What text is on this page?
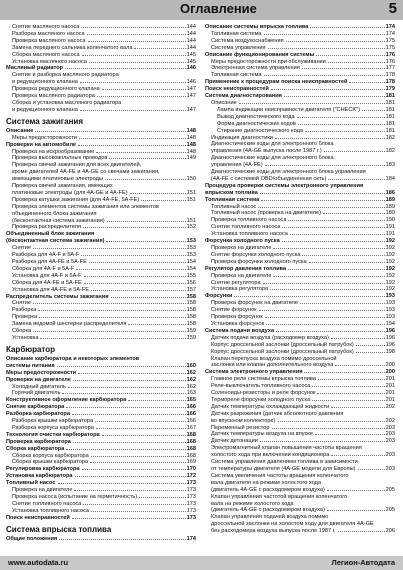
Оглавление	5
Снятие масляного насоса	144
Разборка масляного насоса	144
Проверка масляного насоса	144
Замена переднего сальника коленчатого вала	144
Сборка масляного насоса	145
Установка масляного насоса	145
Масляный радиатор	146
Снятие и разборка масляного радиатора
и редукционного клапана	146
Проверка редукционного клапана	147
Проверка масляного радиатора	147
Сборка и установка масляного радиатора
и редукционного клапана	147
Система зажигания
Описание	148
Меры предосторожности	148
Проверки на автомобиле	148
Проверка на искрообразование	148
Проверка высоковольтных проводов	149
Проверка свечей зажигания для всех двигателей,
кроме двигателей 4A-FE и 4A-GE со свечами зажигания,
имеющими платиновые электроды	150
Проверка свечей зажигания, имеющих
платиновые электроды (для 4A-GE и 4A-FE)	151
Проверка катушки зажигания (для 4A-FE, 5A-FE)	151
Проверка элементов системы зажигания или элементов
объединенного блока зажигания
(бесконтактная система зажигания)	151
Проверка распределителя	152
Объединенный блок зажигания
(бесконтактная система зажигания)	153
Снятие	153
Разборка для 4A-F и 5A-F	153
Разборка для 4A-FE и 5A-FE	154
Сборка для 4A-F и 5A-F	154
Установка для 4A-F и 5A-F	155
Сборка для 4A-FE и 5A-FE	156
Установка для 4A-FE и 5A-FE	157
Распределитель системы зажигания	158
Снятие	158
Разборка	158
Проверка	158
Замена ведомой шестерни распределителя	158
Сборка	159
Установка	159
Карбюратор
Описание карбюратора и некоторых элементов
системы питания	160
Меры предосторожности	162
Проверки на двигателе	162
Холодный двигатель	162
Горячий двигатель	163
Конструктивное оформление карбюратора	165
Снятие карбюратора	166
Разборка карбюратора	166
Разборка крышки карбюратора	166
Разборка корпуса карбюратора	167
Технология очистки карбюратора	168
Проверка карбюратора	168
Сборка карбюратора	168
Сборка корпуса карбюратора	168
Сборка крышки карбюратора	169
Регулировка карбюратора	170
Установка карбюратора	172
Топливный насос	173
Проверка на двигателе	173
Проверка насоса (испытание на герметичность)	173
Снятие топливного насоса	173
Установка топливного насоса	173
Поиск неисправностей	173
Система впрыска топлива
Общие положения	174
Описание системы впрыска топлива	174
Топливная система	174
Система воздухоснабжения	175
Система управления	175
Описание функционирования системы	176
Меры предосторожности при обслуживании	176
Электронная система управления	177
Топливная система	178
Применение к процедурам поиска неисправностей	178
Поиск неисправностей	179
Система диагностирования	181
Описание	181
Лампа индикации неисправности двигателя ("CHECK")	181
Вывод диагностического кода	181
Форма диагностических кодов	181
Стирание диагностического кода	181
Индикация диагностики	182
Диагностические коды для электронного блока
управления (4A-GE выпуска после 1987 г.)	182
Диагностические коды для электронного блока
управления (4A-FE)	183
Диагностические коды для электронного блока управления
(4A-FE с системой OBD/объединенная сеть)	184
Процедура проверки системы электронного управления
впрыском топлива	186
Топливная система	189
Топливный насос	189
Топливный насос (проверка на двигателе)	189
Проверка топливного насоса	190
Снятие топливного насоса	191
Установка топливного насоса	191
Форсунка холодного пуска	192
Проверка на двигателе	192
Снятие форсунки холодного пуска	192
Проверка форсунки холодного пуска	192
Регулятор давления топлива	192
Проверка на двигателе	192
Снятие регулятора	192
Установка регулятора	192
Форсунки	193
Проверка форсунок на двигателе	193
Снятие форсунок	193
Проверка форсунок	193
Установка форсунок	194
Система подачи воздуха	196
Датчик подачи воздуха (расходомер воздуха)	196
Корпус дроссельной заслонки (дроссельный патрубок)	196
Корпус дроссельной заслонки (дроссельный патрубок)	198
Клапан перепуска воздуха помимо дроссельной
заслонки или клапан дополнительного воздуха	200
Система электронного управления	200
Главное реле системы впрыска топлива	201
Реле-выключатель топливного насоса	201
Соленоиды-резисторы и реле форсунок	201
Термореле форсунки холодного пуска	201
Датчик температуры охлаждающей жидкости	202
Датчик разрежения (датчик абсолютного давления
во впускном коллекторе)	202
Переменный резистор	203
Датчик температуры воздуха на впуске	203
Датчик детонации	203
Электромагнитный клапан повышения частоты вращения
холостого хода при включении кондиционера	203
Система управления давлением топлива в зависимости
от температуры двигателя (4A-GE модели для Европы)	203
Система увеличения частоты вращения коленчатого
вала двигателя на режиме холостого хода
(двигатель 4A-GE с расходомером воздуха)	205
Клапан управления частотой вращения коленчатого
вала на режиме холостого хода
(двигатель 4A-GE с расходомером воздуха)	205
Клапан управления подачей воздуха помимо
дроссельной заслонки на холостом ходу для двигателя 4A-GE
без расходомера воздуха выпуска после 1987 г.	206
www.autodata.ru	Легион-Автодата
